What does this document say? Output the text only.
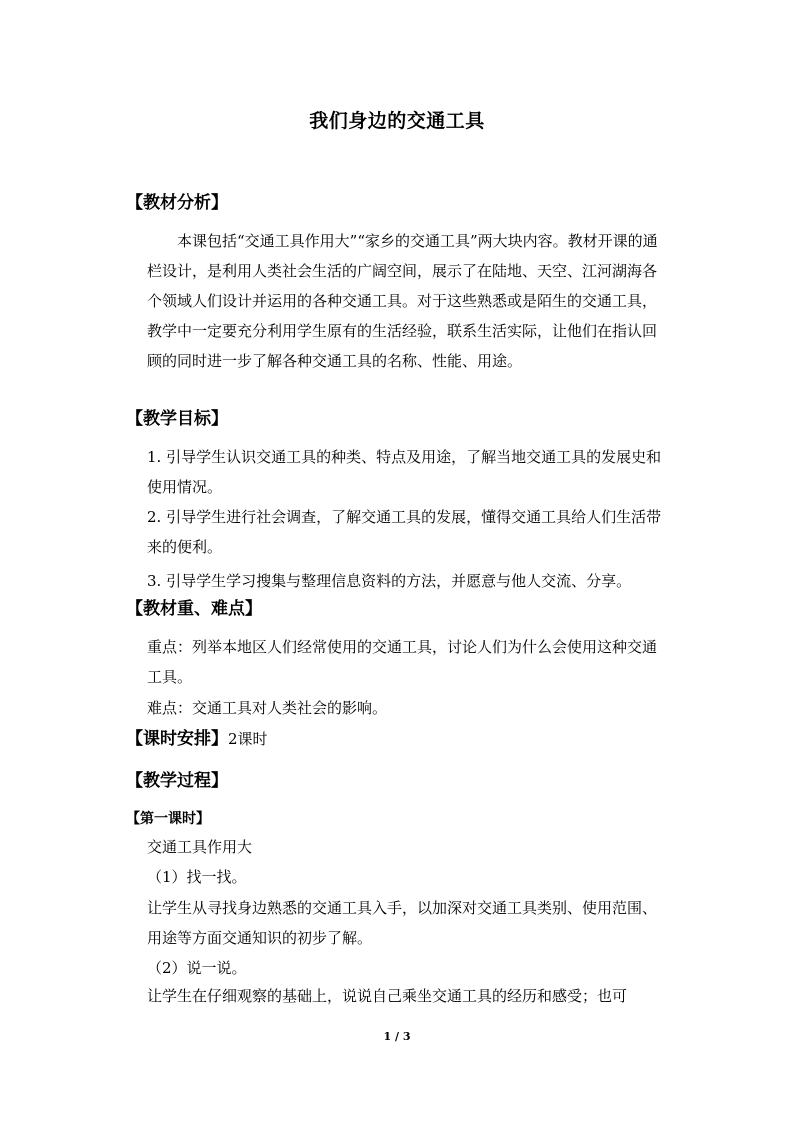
我们身边的交通工具
【教材分析】
本课包括“交通工具作用大”“家乡的交通工具”两大块内容。教材开课的通栏设计，是利用人类社会生活的广阔空间，展示了在陆地、天空、江河湖海各个领域人们设计并运用的各种交通工具。对于这些熟悉或是陌生的交通工具，教学中一定要充分利用学生原有的生活经验，联系生活实际，让他们在指认回顾的同时进一步了解各种交通工具的名称、性能、用途。
【教学目标】
1. 引导学生认识交通工具的种类、特点及用途，了解当地交通工具的发展史和使用情况。
2. 引导学生进行社会调查，了解交通工具的发展，懂得交通工具给人们生活带来的便利。
3. 引导学生学习搜集与整理信息资料的方法，并愿意与他人交流、分享。
【教材重、难点】
重点：列举本地区人们经常使用的交通工具，讨论人们为什么会使用这种交通工具。
难点：交通工具对人类社会的影响。
【课时安排】2课时
【教学过程】
【第一课时】
交通工具作用大
（1）找一找。
让学生从寻找身边熟悉的交通工具入手，以加深对交通工具类别、使用范围、用途等方面交通知识的初步了解。
（2）说一说。
让学生在仔细观察的基础上，说说自己乘坐交通工具的经历和感受；也可
1 / 3
